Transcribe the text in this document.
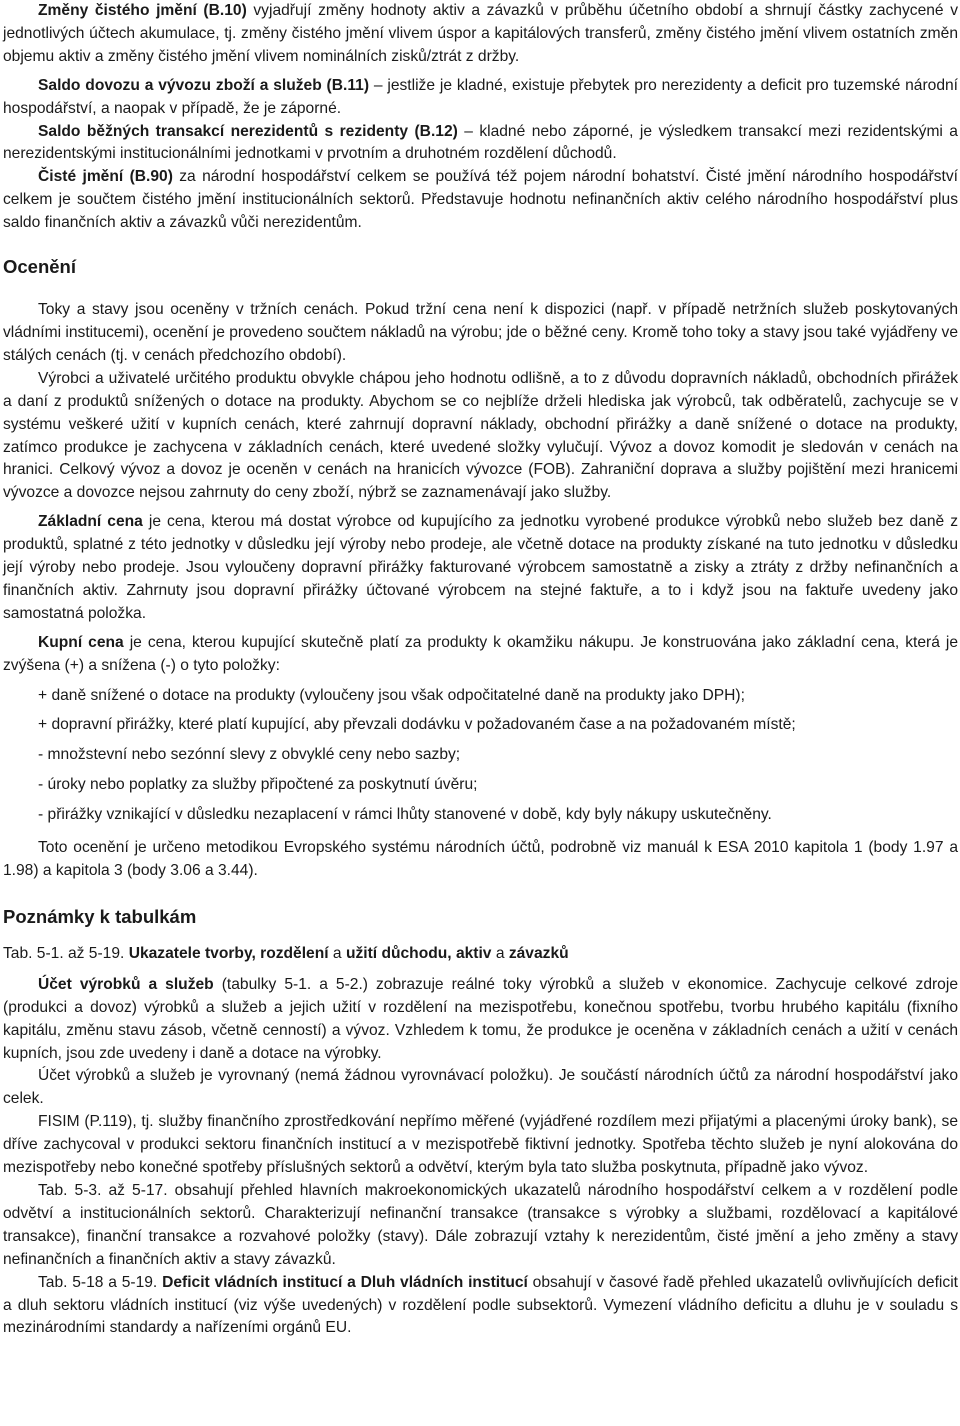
Změny čistého jmění (B.10) vyjadřují změny hodnoty aktiv a závazků v průběhu účetního období a shrnují částky zachycené v jednotlivých účtech akumulace, tj. změny čistého jmění vlivem úspor a kapitálových transferů, změny čistého jmění vlivem ostatních změn objemu aktiv a změny čistého jmění vlivem nominálních zisků/ztrát z držby.

Saldo dovozu a vývozu zboží a služeb (B.11) – jestliže je kladné, existuje přebytek pro nerezidenty a deficit pro tuzemské národní hospodářství, a naopak v případě, že je záporné.

Saldo běžných transakcí nerezidentů s rezidenty (B.12) – kladné nebo záporné, je výsledkem transakcí mezi rezidentskými a nerezidentskými institucionálními jednotkami v prvotním a druhotném rozdělení důchodů.

Čisté jmění (B.90) za národní hospodářství celkem se používá též pojem národní bohatství. Čisté jmění národního hospodářství celkem je součtem čistého jmění institucionálních sektorů. Představuje hodnotu nefinančních aktiv celého národního hospodářství plus saldo finančních aktiv a závazků vůči nerezidentům.

Ocenění

Toky a stavy jsou oceněny v tržních cenách. Pokud tržní cena není k dispozici (např. v případě netržních služeb poskytovaných vládními institucemi), ocenění je provedeno součtem nákladů na výrobu; jde o běžné ceny. Kromě toho toky a stavy jsou také vyjádřeny ve stálých cenách (tj. v cenách předchozího období).

Výrobci a uživatelé určitého produktu obvykle chápou jeho hodnotu odlišně, a to z důvodu dopravních nákladů, obchodních přirážek a daní z produktů snížených o dotace na produkty. Abychom se co nejblíže drželi hlediska jak výrobců, tak odběratelů, zachycuje se v systému veškeré užití v kupních cenách, které zahrnují dopravní náklady, obchodní přirážky a daně snížené o dotace na produkty, zatímco produkce je zachycena v základních cenách, které uvedené složky vylučují. Vývoz a dovoz komodit je sledován v cenách na hranici. Celkový vývoz a dovoz je oceněn v cenách na hranicích vývozce (FOB). Zahraniční doprava a služby pojištění mezi hranicemi vývozce a dovozce nejsou zahrnuty do ceny zboží, nýbrž se zaznamenávají jako služby.

Základní cena je cena, kterou má dostat výrobce od kupujícího za jednotku vyrobené produkce výrobků nebo služeb bez daně z produktů, splatné z této jednotky v důsledku její výroby nebo prodeje, ale včetně dotace na produkty získané na tuto jednotku v důsledku její výroby nebo prodeje. Jsou vyloučeny dopravní přirážky fakturované výrobcem samostatně a zisky a ztráty z držby nefinančních a finančních aktiv. Zahrnuty jsou dopravní přirážky účtované výrobcem na stejné faktuře, a to i když jsou na faktuře uvedeny jako samostatná položka.

Kupní cena je cena, kterou kupující skutečně platí za produkty k okamžiku nákupu. Je konstruována jako základní cena, která je zvýšena (+) a snížena (-) o tyto položky:

+ daně snížené o dotace na produkty (vyloučeny jsou však odpočitatelné daně na produkty jako DPH);

+ dopravní přirážky, které platí kupující, aby převzali dodávku v požadovaném čase a na požadovaném místě;

- množstevní nebo sezónní slevy z obvyklé ceny nebo sazby;

- úroky nebo poplatky za služby připočtené za poskytnutí úvěru;

- přirážky vznikající v důsledku nezaplacení v rámci lhůty stanovené v době, kdy byly nákupy uskutečněny.

Toto ocenění je určeno metodikou Evropského systému národních účtů, podrobně viz manuál k ESA 2010 kapitola 1 (body 1.97 a 1.98) a kapitola 3 (body 3.06 a 3.44).

Poznámky k tabulkám

Tab. 5-1. až 5-19. Ukazatele tvorby, rozdělení a užití důchodu, aktiv a závazků

Účet výrobků a služeb (tabulky 5-1. a 5-2.) zobrazuje reálné toky výrobků a služeb v ekonomice. Zachycuje celkové zdroje (produkci a dovoz) výrobků a služeb a jejich užití v rozdělení na mezispotřebu, konečnou spotřebu, tvorbu hrubého kapitálu (fixního kapitálu, změnu stavu zásob, včetně cenností) a vývoz. Vzhledem k tomu, že produkce je oceněna v základních cenách a užití v cenách kupních, jsou zde uvedeny i daně a dotace na výrobky.

Účet výrobků a služeb je vyrovnaný (nemá žádnou vyrovnávací položku). Je součástí národních účtů za národní hospodářství jako celek.

FISIM (P.119), tj. služby finančního zprostředkování nepřímo měřené (vyjádřené rozdílem mezi přijatými a placenými úroky bank), se dříve zachycoval v produkci sektoru finančních institucí a v mezispotřebě fiktivní jednotky. Spotřeba těchto služeb je nyní alokována do mezispotřeby nebo konečné spotřeby příslušných sektorů a odvětví, kterým byla tato služba poskytnuta, případně jako vývoz.

Tab. 5-3. až 5-17. obsahují přehled hlavních makroekonomických ukazatelů národního hospodářství celkem a v rozdělení podle odvětví a institucionálních sektorů. Charakterizují nefinanční transakce (transakce s výrobky a službami, rozdělovací a kapitálové transakce), finanční transakce a rozvahové položky (stavy). Dále zobrazují vztahy k nerezidentům, čisté jmění a jeho změny a stavy nefinančních a finančních aktiv a stavy závazků.

Tab. 5-18 a 5-19. Deficit vládních institucí a Dluh vládních institucí obsahují v časové řadě přehled ukazatelů ovlivňujících deficit a dluh sektoru vládních institucí (viz výše uvedených) v rozdělení podle subsektorů. Vymezení vládního deficitu a dluhu je v souladu s mezinárodními standardy a nařízeními orgánů EU.
